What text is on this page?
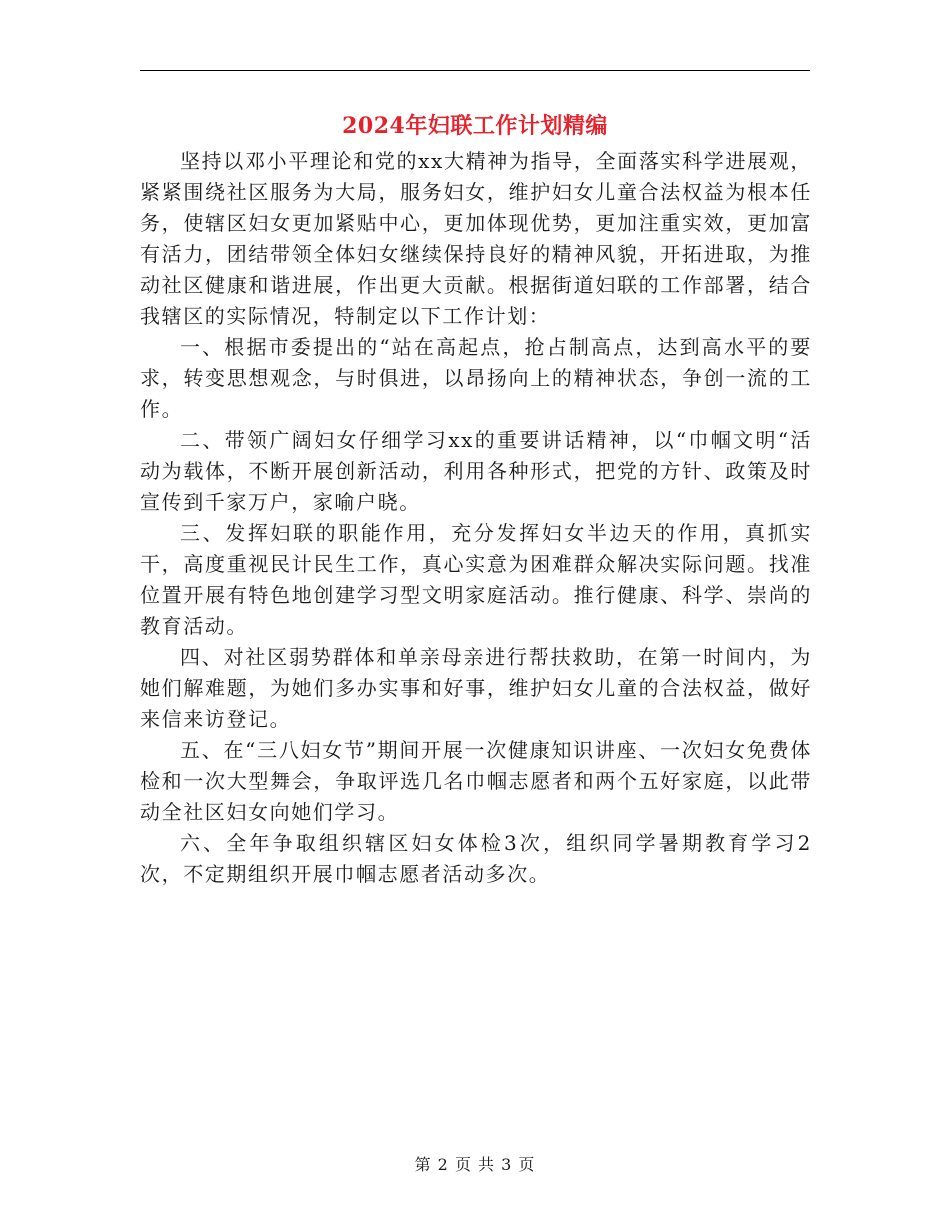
2024年妇联工作计划精编

坚持以邓小平理论和党的xx大精神为指导，全面落实科学进展观，紧紧围绕社区服务为大局，服务妇女，维护妇女儿童合法权益为根本任务，使辖区妇女更加紧贴中心，更加体现优势，更加注重实效，更加富有活力，团结带领全体妇女继续保持良好的精神风貌，开拓进取，为推动社区健康和谐进展，作出更大贡献。根据街道妇联的工作部署，结合我辖区的实际情况，特制定以下工作计划：

一、根据市委提出的“站在高起点，抢占制高点，达到高水平的要求，转变思想观念，与时俱进，以昂扬向上的精神状态，争创一流的工作。

二、带领广阔妇女仔细学习xx的重要讲话精神，以“巾帼文明“活动为载体，不断开展创新活动，利用各种形式，把党的方针、政策及时宣传到千家万户，家喻户晓。

三、发挥妇联的职能作用，充分发挥妇女半边天的作用，真抓实干，高度重视民计民生工作，真心实意为困难群众解决实际问题。找准位置开展有特色地创建学习型文明家庭活动。推行健康、科学、崇尚的教育活动。

四、对社区弱势群体和单亲母亲进行帮扶救助，在第一时间内，为她们解难题，为她们多办实事和好事，维护妇女儿童的合法权益，做好来信来访登记。

五、在“三八妇女节”期间开展一次健康知识讲座、一次妇女免费体检和一次大型舞会，争取评选几名巾帼志愿者和两个五好家庭，以此带动全社区妇女向她们学习。

六、全年争取组织辖区妇女体检3次，组织同学暑期教育学习2次，不定期组织开展巾帼志愿者活动多次。

第 2 页 共 3 页
